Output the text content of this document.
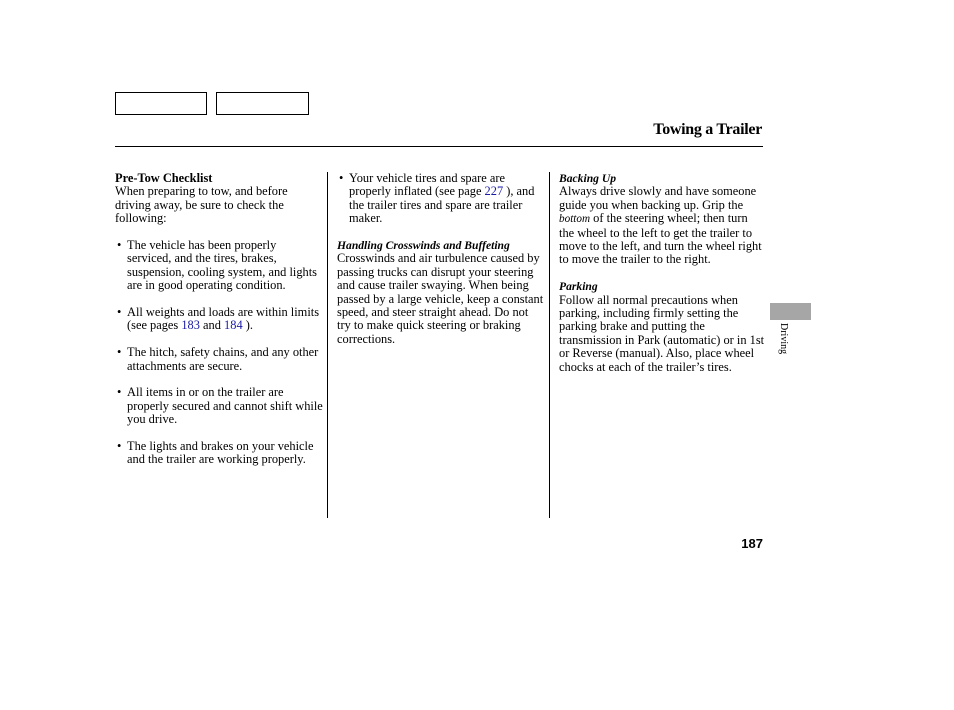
Towing a Trailer

Pre-Tow Checklist

When preparing to tow, and before driving away, be sure to check the following:

• The vehicle has been properly serviced, and the tires, brakes, suspension, cooling system, and lights are in good operating condition.
• All weights and loads are within limits (see pages 183 and 184 ).
• The hitch, safety chains, and any other attachments are secure.
• All items in or on the trailer are properly secured and cannot shift while you drive.
• The lights and brakes on your vehicle and the trailer are working properly.
• Your vehicle tires and spare are properly inflated (see page 227 ), and the trailer tires and spare are trailer maker.

Handling Crosswinds and Buffeting

Crosswinds and air turbulence caused by passing trucks can disrupt your steering and cause trailer swaying. When being passed by a large vehicle, keep a constant speed, and steer straight ahead. Do not try to make quick steering or braking corrections.

Backing Up

Always drive slowly and have someone guide you when backing up. Grip the bottom of the steering wheel; then turn the wheel to the left to get the trailer to move to the left, and turn the wheel right to move the trailer to the right.

Parking

Follow all normal precautions when parking, including firmly setting the parking brake and putting the transmission in Park (automatic) or in 1st or Reverse (manual). Also, place wheel chocks at each of the trailer’s tires.

Driving
187
